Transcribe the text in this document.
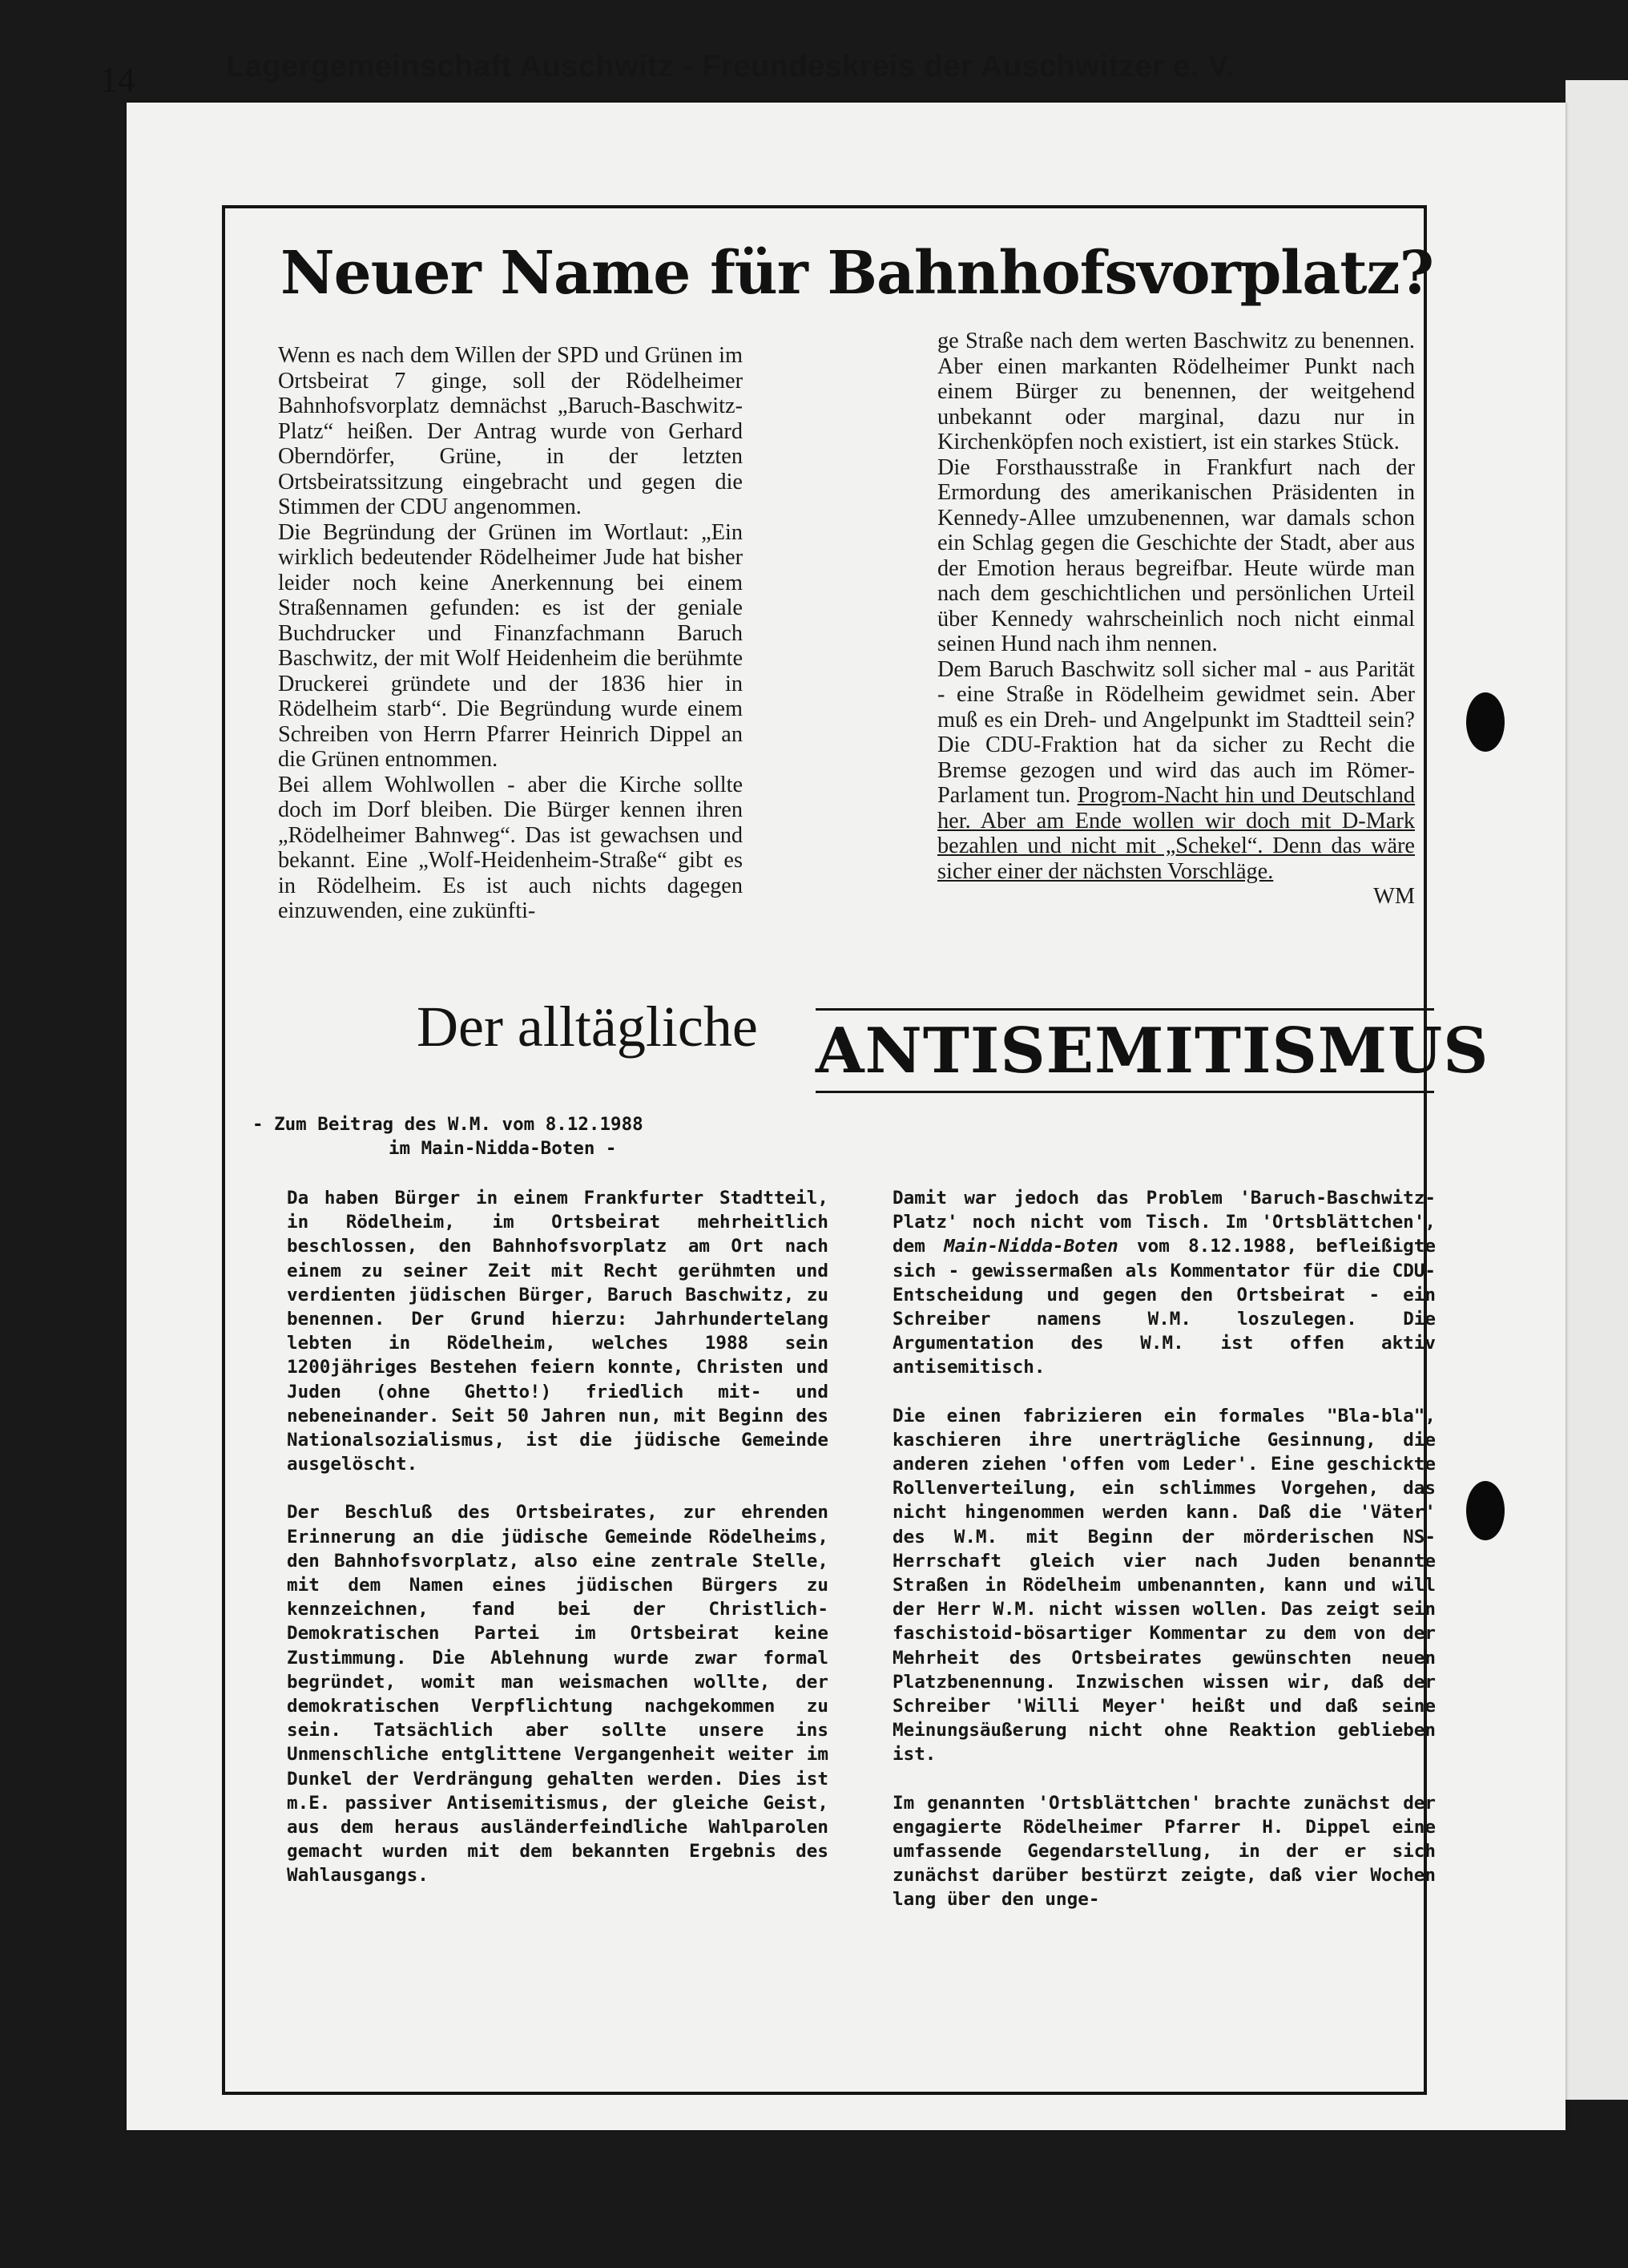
14	Lagergemeinschaft Auschwitz - Freundeskreis der Auschwitzer e. V.
Neuer Name für Bahnhofsvorplatz?

Wenn es nach dem Willen der SPD und Grünen im Ortsbeirat 7 ginge, soll der Rödelheimer Bahnhofsvorplatz demnächst „Baruch-Baschwitz-Platz“ heißen. Der Antrag wurde von Gerhard Oberndörfer, Grüne, in der letzten Ortsbeiratssitzung eingebracht und gegen die Stimmen der CDU angenommen.

Die Begründung der Grünen im Wortlaut: „Ein wirklich bedeutender Rödelheimer Jude hat bisher leider noch keine Anerkennung bei einem Straßennamen gefunden: es ist der geniale Buchdrucker und Finanzfachmann Baruch Baschwitz, der mit Wolf Heidenheim die berühmte Druckerei gründete und der 1836 hier in Rödelheim starb“. Die Begründung wurde einem Schreiben von Herrn Pfarrer Heinrich Dippel an die Grünen entnommen.

Bei allem Wohlwollen - aber die Kirche sollte doch im Dorf bleiben. Die Bürger kennen ihren „Rödelheimer Bahnweg“. Das ist gewachsen und bekannt. Eine „Wolf-Heidenheim-Straße“ gibt es in Rödelheim. Es ist auch nichts dagegen einzuwenden, eine zukünfti-

ge Straße nach dem werten Baschwitz zu benennen. Aber einen markanten Rödelheimer Punkt nach einem Bürger zu benennen, der weitgehend unbekannt oder marginal, dazu nur in Kirchenköpfen noch existiert, ist ein starkes Stück.

Die Forsthausstraße in Frankfurt nach der Ermordung des amerikanischen Präsidenten in Kennedy-Allee umzubenennen, war damals schon ein Schlag gegen die Geschichte der Stadt, aber aus der Emotion heraus begreifbar. Heute würde man nach dem geschichtlichen und persönlichen Urteil über Kennedy wahrscheinlich noch nicht einmal seinen Hund nach ihm nennen.

Dem Baruch Baschwitz soll sicher mal - aus Parität - eine Straße in Rödelheim gewidmet sein. Aber muß es ein Dreh- und Angelpunkt im Stadtteil sein? Die CDU-Fraktion hat da sicher zu Recht die Bremse gezogen und wird das auch im Römer-Parlament tun. Progrom-Nacht hin und Deutschland her. Aber am Ende wollen wir doch mit D-Mark bezahlen und nicht mit „Schekel“. Denn das wäre sicher einer der nächsten Vorschläge.

WM

Der alltägliche ANTISEMITISMUS
- Zum Beitrag des W.M. vom 8.12.1988
im Main-Nidda-Boten -

Da haben Bürger in einem Frankfurter Stadtteil, in Rödelheim, im Ortsbeirat mehrheitlich beschlossen, den Bahnhofsvorplatz am Ort nach einem zu seiner Zeit mit Recht gerühmten und verdienten jüdischen Bürger, Baruch Baschwitz, zu benennen. Der Grund hierzu: Jahrhundertelang lebten in Rödelheim, welches 1988 sein 1200jähriges Bestehen feiern konnte, Christen und Juden (ohne Ghetto!) friedlich mit- und nebeneinander. Seit 50 Jahren nun, mit Beginn des Nationalsozialismus, ist die jüdische Gemeinde ausgelöscht.

Der Beschluß des Ortsbeirates, zur ehrenden Erinnerung an die jüdische Gemeinde Rödelheims, den Bahnhofsvorplatz, also eine zentrale Stelle, mit dem Namen eines jüdischen Bürgers zu kennzeichnen, fand bei der Christlich-Demokratischen Partei im Ortsbeirat keine Zustimmung. Die Ablehnung wurde zwar formal begründet, womit man weismachen wollte, der demokratischen Verpflichtung nachgekommen zu sein. Tatsächlich aber sollte unsere ins Unmenschliche entglittene Vergangenheit weiter im Dunkel der Verdrängung gehalten werden. Dies ist m.E. passiver Antisemitismus, der gleiche Geist, aus dem heraus ausländerfeindliche Wahlparolen gemacht wurden mit dem bekannten Ergebnis des Wahlausgangs.

Damit war jedoch das Problem 'Baruch-Baschwitz-Platz' noch nicht vom Tisch. Im 'Ortsblättchen', dem Main-Nidda-Boten vom 8.12.1988, befleißigte sich - gewissermaßen als Kommentator für die CDU-Entscheidung und gegen den Ortsbeirat - ein Schreiber namens W.M. loszulegen. Die Argumentation des W.M. ist offen aktiv antisemitisch.

Die einen fabrizieren ein formales "Bla-bla", kaschieren ihre unerträgliche Gesinnung, die anderen ziehen 'offen vom Leder'. Eine geschickte Rollenverteilung, ein schlimmes Vorgehen, das nicht hingenommen werden kann. Daß die 'Väter' des W.M. mit Beginn der mörderischen NS-Herrschaft gleich vier nach Juden benannte Straßen in Rödelheim umbenannten, kann und will der Herr W.M. nicht wissen wollen. Das zeigt sein faschistoid-bösartiger Kommentar zu dem von der Mehrheit des Ortsbeirates gewünschten neuen Platzbenennung. Inzwischen wissen wir, daß der Schreiber 'Willi Meyer' heißt und daß seine Meinungsäußerung nicht ohne Reaktion geblieben ist.

Im genannten 'Ortsblättchen' brachte zunächst der engagierte Rödelheimer Pfarrer H. Dippel eine umfassende Gegendarstellung, in der er sich zunächst darüber bestürzt zeigte, daß vier Wochen lang über den unge-
